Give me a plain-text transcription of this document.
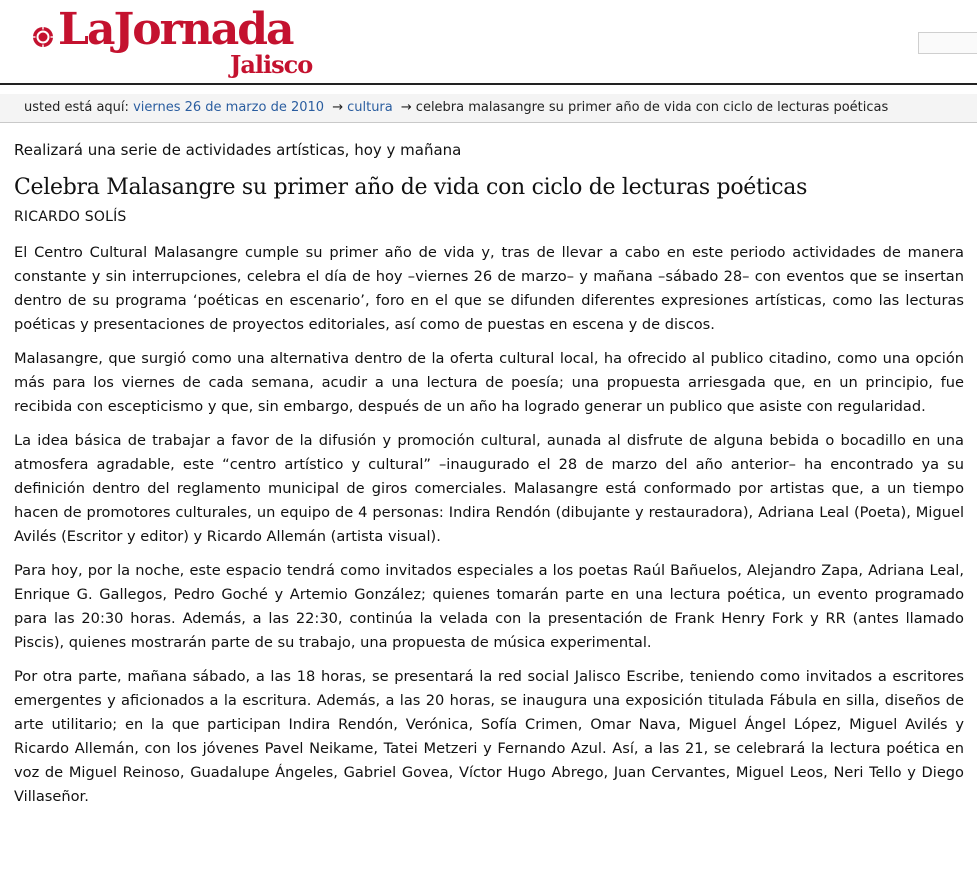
LaJornada
Jalisco
usted está aquí: viernes 26 de marzo de 2010 → cultura → celebra malasangre su primer año de vida con ciclo de lecturas poéticas
Realizará una serie de actividades artísticas, hoy y mañana
Celebra Malasangre su primer año de vida con ciclo de lecturas poéticas
RICARDO SOLÍS

El Centro Cultural Malasangre cumple su primer año de vida y, tras de llevar a cabo en este periodo actividades de manera constante y sin interrupciones, celebra el día de hoy –viernes 26 de marzo– y mañana –sábado 28– con eventos que se insertan dentro de su programa ‘poéticas en escenario’, foro en el que se difunden diferentes expresiones artísticas, como las lecturas poéticas y presentaciones de proyectos editoriales, así como de puestas en escena y de discos.

Malasangre, que surgió como una alternativa dentro de la oferta cultural local, ha ofrecido al publico citadino, como una opción más para los viernes de cada semana, acudir a una lectura de poesía; una propuesta arriesgada que, en un principio, fue recibida con escepticismo y que, sin embargo, después de un año ha logrado generar un publico que asiste con regularidad.

La idea básica de trabajar a favor de la difusión y promoción cultural, aunada al disfrute de alguna bebida o bocadillo en una atmosfera agradable, este “centro artístico y cultural” –inaugurado el 28 de marzo del año anterior– ha encontrado ya su definición dentro del reglamento municipal de giros comerciales. Malasangre está conformado por artistas que, a un tiempo hacen de promotores culturales, un equipo de 4 personas: Indira Rendón (dibujante y restauradora), Adriana Leal (Poeta), Miguel Avilés (Escritor y editor) y Ricardo Allemán (artista visual).

Para hoy, por la noche, este espacio tendrá como invitados especiales a los poetas Raúl Bañuelos, Alejandro Zapa, Adriana Leal, Enrique G. Gallegos, Pedro Goché y Artemio González; quienes tomarán parte en una lectura poética, un evento programado para las 20:30 horas. Además, a las 22:30, continúa la velada con la presentación de Frank Henry Fork y RR (antes llamado Piscis), quienes mostrarán parte de su trabajo, una propuesta de música experimental.

Por otra parte, mañana sábado, a las 18 horas, se presentará la red social Jalisco Escribe, teniendo como invitados a escritores emergentes y aficionados a la escritura. Además, a las 20 horas, se inaugura una exposición titulada Fábula en silla, diseños de arte utilitario; en la que participan Indira Rendón, Verónica, Sofía Crimen, Omar Nava, Miguel Ángel López, Miguel Avilés y Ricardo Allemán, con los jóvenes Pavel Neikame, Tatei Metzeri y Fernando Azul. Así, a las 21, se celebrará la lectura poética en voz de Miguel Reinoso, Guadalupe Ángeles, Gabriel Govea, Víctor Hugo Abrego, Juan Cervantes, Miguel Leos, Neri Tello y Diego Villaseñor.
